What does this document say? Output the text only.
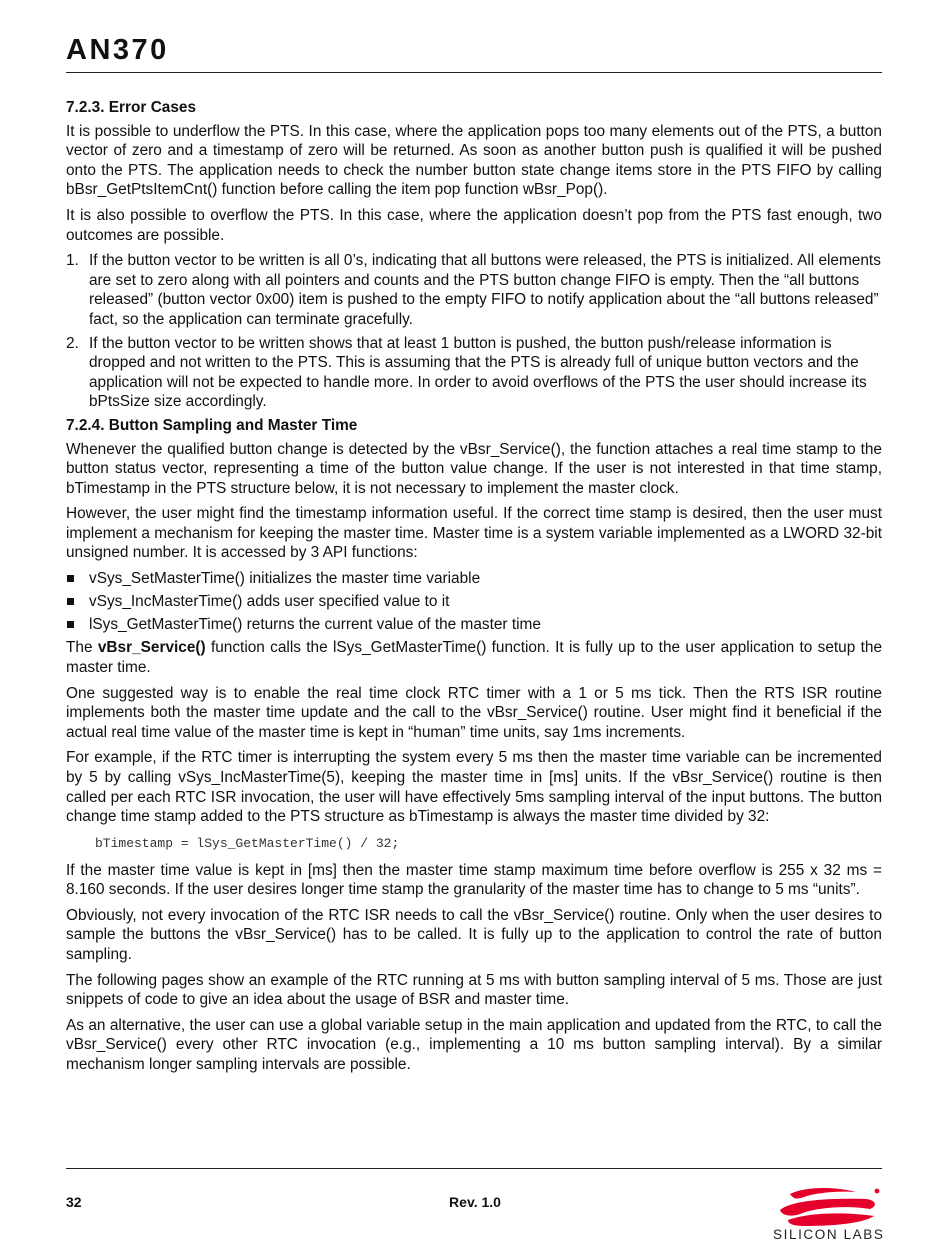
AN370
7.2.3. Error Cases

It is possible to underflow the PTS. In this case, where the application pops too many elements out of the PTS, a button vector of zero and a timestamp of zero will be returned. As soon as another button push is qualified it will be pushed onto the PTS. The application needs to check the number button state change items store in the PTS FIFO by calling bBsr_GetPtsItemCnt() function before calling the item pop function wBsr_Pop().

It is also possible to overflow the PTS. In this case, where the application doesn’t pop from the PTS fast enough, two outcomes are possible.

1. If the button vector to be written is all 0’s, indicating that all buttons were released, the PTS is initialized. All elements are set to zero along with all pointers and counts and the PTS button change FIFO is empty. Then the “all buttons released” (button vector 0x00) item is pushed to the empty FIFO to notify application about the “all buttons released” fact, so the application can terminate gracefully.
2. If the button vector to be written shows that at least 1 button is pushed, the button push/release information is dropped and not written to the PTS. This is assuming that the PTS is already full of unique button vectors and the application will not be expected to handle more. In order to avoid overflows of the PTS the user should increase its bPtsSize size accordingly.
7.2.4. Button Sampling and Master Time

Whenever the qualified button change is detected by the vBsr_Service(), the function attaches a real time stamp to the button status vector, representing a time of the button value change. If the user is not interested in that time stamp, bTimestamp in the PTS structure below, it is not necessary to implement the master clock.

However, the user might find the timestamp information useful. If the correct time stamp is desired, then the user must implement a mechanism for keeping the master time. Master time is a system variable implemented as a LWORD 32-bit unsigned number. It is accessed by 3 API functions:

vSys_SetMasterTime() initializes the master time variable
vSys_IncMasterTime() adds user specified value to it
lSys_GetMasterTime() returns the current value of the master time

The vBsr_Service() function calls the lSys_GetMasterTime() function. It is fully up to the user application to setup the master time.

One suggested way is to enable the real time clock RTC timer with a 1 or 5 ms tick. Then the RTS ISR routine implements both the master time update and the call to the vBsr_Service() routine. User might find it beneficial if the actual real time value of the master time is kept in “human” time units, say 1ms increments.

For example, if the RTC timer is interrupting the system every 5 ms then the master time variable can be incremented by 5 by calling vSys_IncMasterTime(5), keeping the master time in [ms] units. If the vBsr_Service() routine is then called per each RTC ISR invocation, the user will have effectively 5ms sampling interval of the input buttons. The button change time stamp added to the PTS structure as bTimestamp is always the master time divided by 32:

bTimestamp = lSys_GetMasterTime() / 32;

If the master time value is kept in [ms] then the master time stamp maximum time before overflow is 255 x 32 ms = 8.160 seconds. If the user desires longer time stamp the granularity of the master time has to change to 5 ms “units”.

Obviously, not every invocation of the RTC ISR needs to call the vBsr_Service() routine. Only when the user desires to sample the buttons the vBsr_Service() has to be called. It is fully up to the application to control the rate of button sampling.

The following pages show an example of the RTC running at 5 ms with button sampling interval of 5 ms. Those are just snippets of code to give an idea about the usage of BSR and master time.

As an alternative, the user can use a global variable setup in the main application and updated from the RTC, to call the vBsr_Service() every other RTC invocation (e.g., implementing a 10 ms button sampling interval). By a similar mechanism longer sampling intervals are possible.

32	Rev. 1.0
SILICON LABS
